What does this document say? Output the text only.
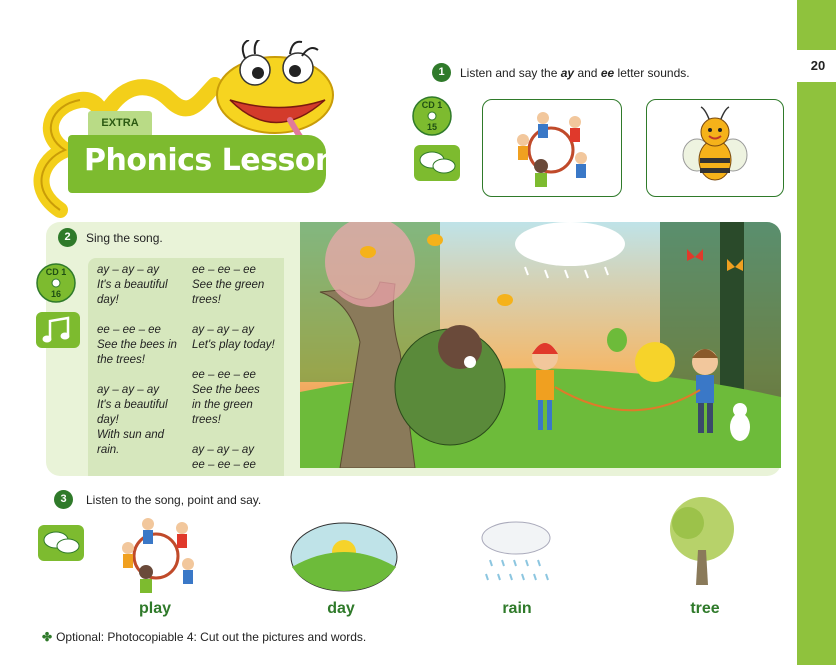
20
EXTRA
Phonics Lesson
1	Listen and say the ay and ee letter sounds.
CD 1
15
2	Sing the song.
CD 1
16
ay – ay – ay
It's a beautiful
day!
ee – ee – ee
See the bees in
the trees!
ay – ay – ay
It's a beautiful
day!
With sun and
rain.
ee – ee – ee
See the green
trees!
ay – ay – ay
Let's play today!
ee – ee – ee
See the bees
in the green
trees!
ay – ay – ay
ee – ee – ee
3	Listen to the song, point and say.
play	day	rain	tree
✤ Optional: Photocopiable 4: Cut out the pictures and words.
